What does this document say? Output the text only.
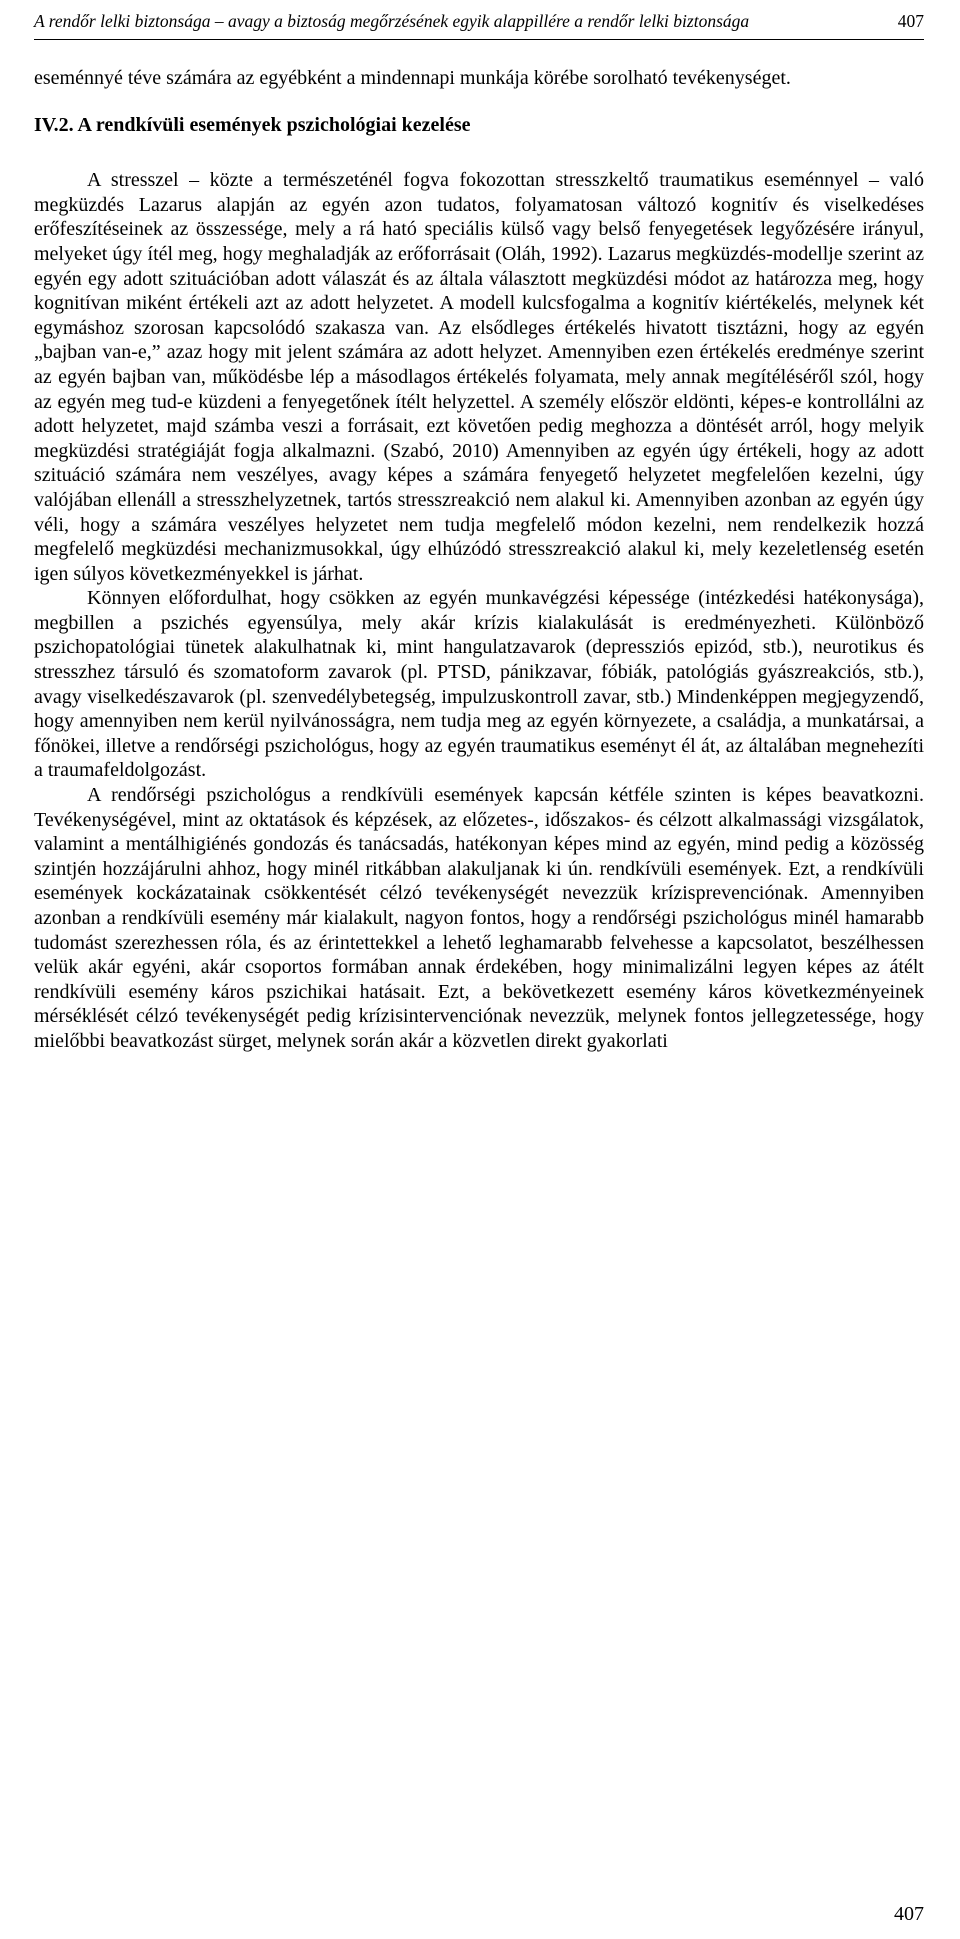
A rendőr lelki biztonsága – avagy a biztoság megőrzésének egyik alappillére a rendőr lelki biztonsága	407

eseménnyé téve számára az egyébként a mindennapi munkája körébe sorolható tevékenységet.

IV.2. A rendkívüli események pszichológiai kezelése

A stresszel – közte a természeténél fogva fokozottan stresszkeltő traumatikus eseménnyel – való megküzdés Lazarus alapján az egyén azon tudatos, folyamatosan változó kognitív és viselkedéses erőfeszítéseinek az összessége, mely a rá ható speciális külső vagy belső fenyegetések legyőzésére irányul, melyeket úgy ítél meg, hogy meghaladják az erőforrásait (Oláh, 1992). Lazarus megküzdés-modellje szerint az egyén egy adott szituációban adott válaszát és az általa választott megküzdési módot az határozza meg, hogy kognitívan miként értékeli azt az adott helyzetet. A modell kulcsfogalma a kognitív kiértékelés, melynek két egymáshoz szorosan kapcsolódó szakasza van. Az elsődleges értékelés hivatott tisztázni, hogy az egyén „bajban van-e,” azaz hogy mit jelent számára az adott helyzet. Amennyiben ezen értékelés eredménye szerint az egyén bajban van, működésbe lép a másodlagos értékelés folyamata, mely annak megítéléséről szól, hogy az egyén meg tud-e küzdeni a fenyegetőnek ítélt helyzettel. A személy először eldönti, képes-e kontrollálni az adott helyzetet, majd számba veszi a forrásait, ezt követően pedig meghozza a döntését arról, hogy melyik megküzdési stratégiáját fogja alkalmazni. (Szabó, 2010) Amennyiben az egyén úgy értékeli, hogy az adott szituáció számára nem veszélyes, avagy képes a számára fenyegető helyzetet megfelelően kezelni, úgy valójában ellenáll a stresszhelyzetnek, tartós stresszreakció nem alakul ki. Amennyiben azonban az egyén úgy véli, hogy a számára veszélyes helyzetet nem tudja megfelelő módon kezelni, nem rendelkezik hozzá megfelelő megküzdési mechanizmusokkal, úgy elhúzódó stresszreakció alakul ki, mely kezeletlenség esetén igen súlyos következményekkel is járhat.

Könnyen előfordulhat, hogy csökken az egyén munkavégzési képessége (intézkedési hatékonysága), megbillen a pszichés egyensúlya, mely akár krízis kialakulását is eredményezheti. Különböző pszichopatológiai tünetek alakulhatnak ki, mint hangulatzavarok (depressziós epizód, stb.), neurotikus és stresszhez társuló és szomatoform zavarok (pl. PTSD, pánikzavar, fóbiák, patológiás gyászreakciós, stb.), avagy viselkedészavarok (pl. szenvedélybetegség, impulzuskontroll zavar, stb.) Mindenképpen megjegyzendő, hogy amennyiben nem kerül nyilvánosságra, nem tudja meg az egyén környezete, a családja, a munkatársai, a főnökei, illetve a rendőrségi pszichológus, hogy az egyén traumatikus eseményt él át, az általában megnehezíti a traumafeldolgozást.

A rendőrségi pszichológus a rendkívüli események kapcsán kétféle szinten is képes beavatkozni. Tevékenységével, mint az oktatások és képzések, az előzetes-, időszakos- és célzott alkalmassági vizsgálatok, valamint a mentálhigiénés gondozás és tanácsadás, hatékonyan képes mind az egyén, mind pedig a közösség szintjén hozzájárulni ahhoz, hogy minél ritkábban alakuljanak ki ún. rendkívüli események. Ezt, a rendkívüli események kockázatainak csökkentését célzó tevékenységét nevezzük krízisprevenciónak. Amennyiben azonban a rendkívüli esemény már kialakult, nagyon fontos, hogy a rendőrségi pszichológus minél hamarabb tudomást szerezhessen róla, és az érintettekkel a lehető leghamarabb felvehesse a kapcsolatot, beszélhessen velük akár egyéni, akár csoportos formában annak érdekében, hogy minimalizálni legyen képes az átélt rendkívüli esemény káros pszichikai hatásait. Ezt, a bekövetkezett esemény káros következményeinek mérséklését célzó tevékenységét pedig krízisintervenciónak nevezzük, melynek fontos jellegzetessége, hogy mielőbbi beavatkozást sürget, melynek során akár a közvetlen direkt gyakorlati

407
